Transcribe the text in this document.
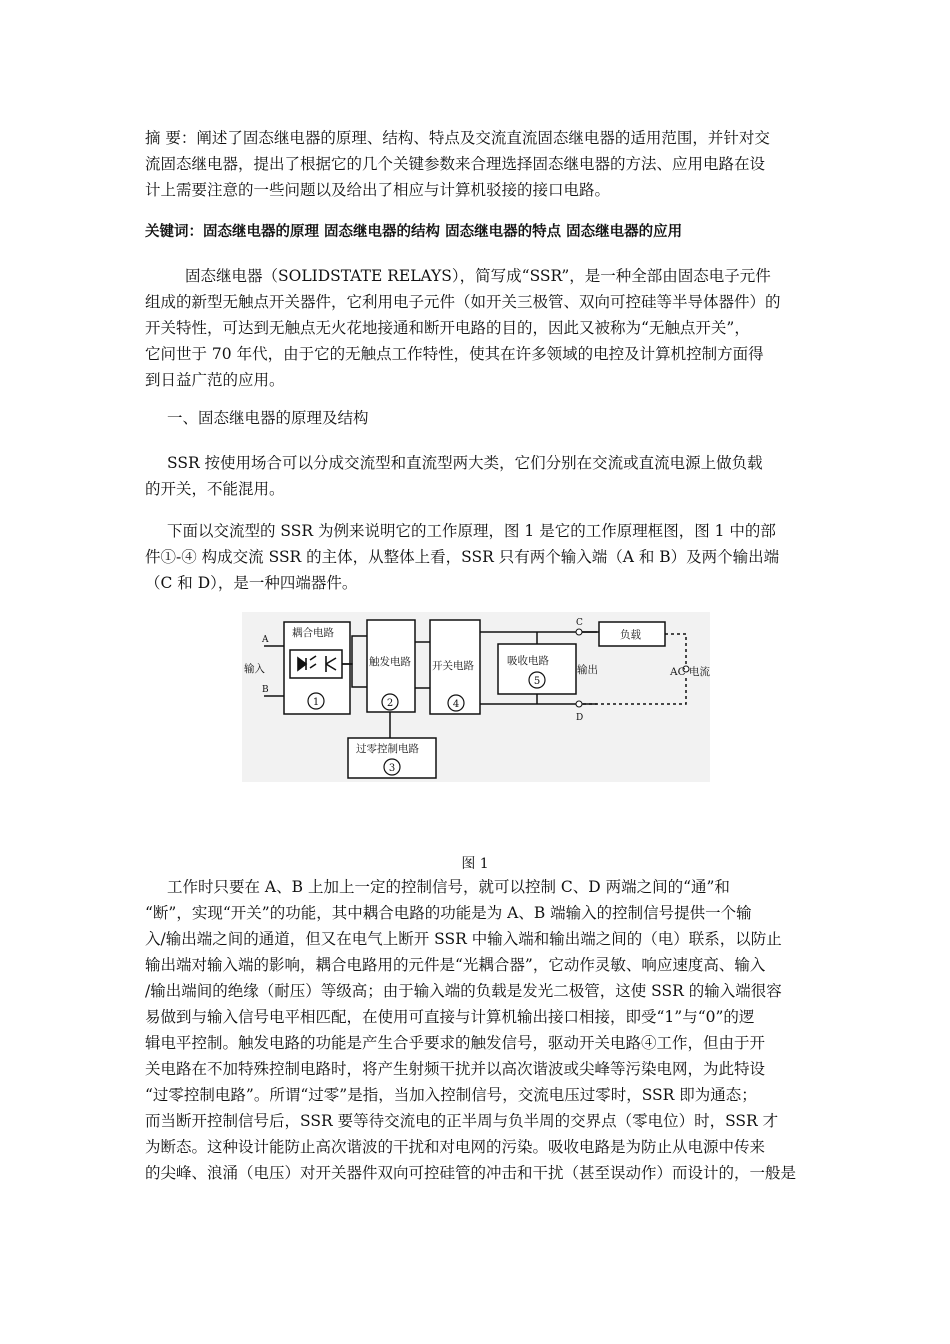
摘 要：阐述了固态继电器的原理、结构、特点及交流直流固态继电器的适用范围，并针对交
流固态继电器，提出了根据它的几个关键参数来合理选择固态继电器的方法、应用电路在设
计上需要注意的一些问题以及给出了相应与计算机驳接的接口电路。
关键词：固态继电器的原理 固态继电器的结构 固态继电器的特点 固态继电器的应用
固态继电器（SOLIDSTATE RELAYS），简写成“SSR”，是一种全部由固态电子元件
组成的新型无触点开关器件，它利用电子元件（如开关三极管、双向可控硅等半导体器件）的
开关特性，可达到无触点无火花地接通和断开电路的目的，因此又被称为“无触点开关”，
它问世于 70 年代，由于它的无触点工作特性，使其在许多领域的电控及计算机控制方面得
到日益广范的应用。
一、固态继电器的原理及结构
SSR 按使用场合可以分成交流型和直流型两大类，它们分别在交流或直流电源上做负载
的开关，不能混用。
下面以交流型的 SSR 为例来说明它的工作原理，图 1 是它的工作原理框图，图 1 中的部
件①-④ 构成交流 SSR 的主体，从整体上看，SSR 只有两个输入端（A 和 B）及两个输出端
（C 和 D），是一种四端器件。
1	2	4
5
3
耦合电路
触发电路 开关电路	吸收电路
过零控制电路
负载
输入	输出	AC 电流
A
B
C
D
图 1
工作时只要在 A、B 上加上一定的控制信号，就可以控制 C、D 两端之间的“通”和
“断”，实现“开关”的功能，其中耦合电路的功能是为 A、B 端输入的控制信号提供一个输
入/输出端之间的通道，但又在电气上断开 SSR 中输入端和输出端之间的（电）联系，以防止
输出端对输入端的影响，耦合电路用的元件是“光耦合器”，它动作灵敏、响应速度高、输入
/输出端间的绝缘（耐压）等级高；由于输入端的负载是发光二极管，这使 SSR 的输入端很容
易做到与输入信号电平相匹配，在使用可直接与计算机输出接口相接，即受“1”与“0”的逻
辑电平控制。触发电路的功能是产生合乎要求的触发信号，驱动开关电路④工作，但由于开
关电路在不加特殊控制电路时，将产生射频干扰并以高次谐波或尖峰等污染电网，为此特设
“过零控制电路”。所谓“过零”是指，当加入控制信号，交流电压过零时，SSR 即为通态；
而当断开控制信号后，SSR 要等待交流电的正半周与负半周的交界点（零电位）时，SSR 才
为断态。这种设计能防止高次谐波的干扰和对电网的污染。吸收电路是为防止从电源中传来
的尖峰、浪涌（电压）对开关器件双向可控硅管的冲击和干扰（甚至误动作）而设计的，一般是
